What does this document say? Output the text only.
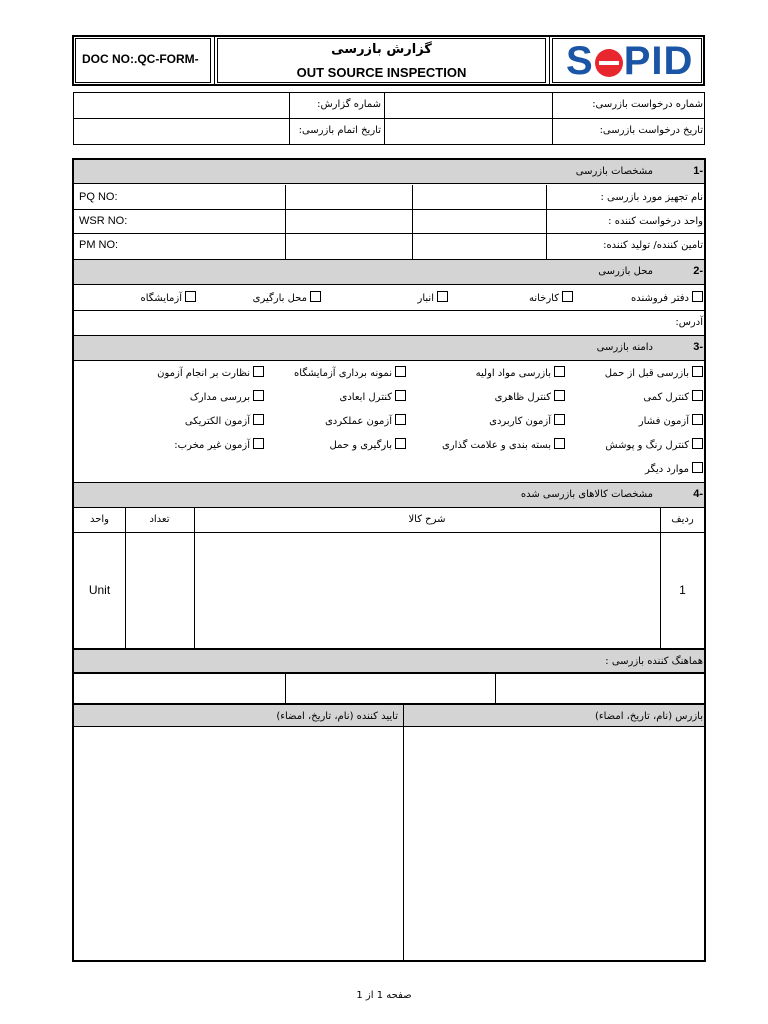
DOC NO:.QC-FORM-
گزارش بازرسی
OUT SOURCE INSPECTION	S PID
شماره درخواست بازرسی:
شماره گزارش:
تاریخ درخواست بازرسی:
تاریخ اتمام بازرسی:
1-
مشخصات بازرسی
نام تجهیز مورد بازرسی :
واحد درخواست کننده :
تامین کننده/ تولید کننده:
PQ NO:
WSR NO:
PM NO:
2-
محل بازرسی
دفتر فروشنده
کارخانه
انبار
محل بارگیری
آزمایشگاه
آدرس:
3-
دامنه بازرسی
بازرسی قبل از حمل
بازرسی مواد اولیه
نمونه برداری آزمایشگاه
نظارت بر انجام آزمون
کنترل کمی
کنترل ظاهری
کنترل ابعادی
بررسی مدارک
آزمون فشار
آزمون کاربردی
آزمون عملکردی
آزمون الکتریکی
کنترل رنگ و پوشش
بسته بندی و علامت گذاری
بارگیری و حمل
آزمون غیر مخرب:
موارد دیگر
4-
مشخصات کالاهای بازرسی شده
ردیف
شرح کالا
تعداد
واحد
1
Unit
هماهنگ کننده بازرسی :
بازرس (نام، تاریخ، امضاء)
تایید کننده (نام، تاریخ، امضاء)
صفحه 1 از 1
